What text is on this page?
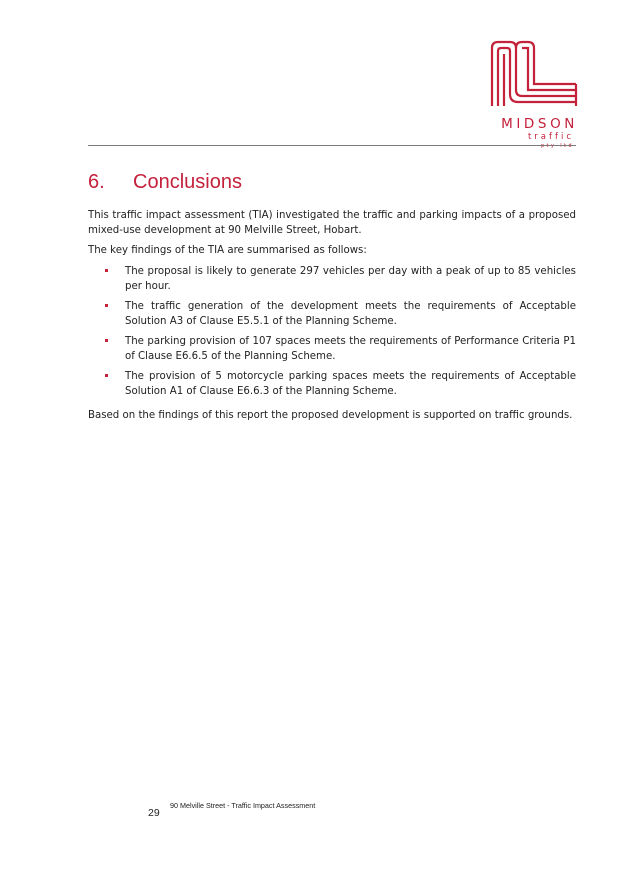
MIDSON
traffic
pty ltd
6.	Conclusions

This traffic impact assessment (TIA) investigated the traffic and parking impacts of a proposed mixed-use development at 90 Melville Street, Hobart.

The key findings of the TIA are summarised as follows:

The proposal is likely to generate 297 vehicles per day with a peak of up to 85 vehicles per hour.
The traffic generation of the development meets the requirements of Acceptable Solution A3 of Clause E5.5.1 of the Planning Scheme.
The parking provision of 107 spaces meets the requirements of Performance Criteria P1 of Clause E6.6.5 of the Planning Scheme.
The provision of 5 motorcycle parking spaces meets the requirements of Acceptable Solution A1 of Clause E6.6.3 of the Planning Scheme.

Based on the findings of this report the proposed development is supported on traffic grounds.

29
90 Melville Street - Traffic Impact Assessment
